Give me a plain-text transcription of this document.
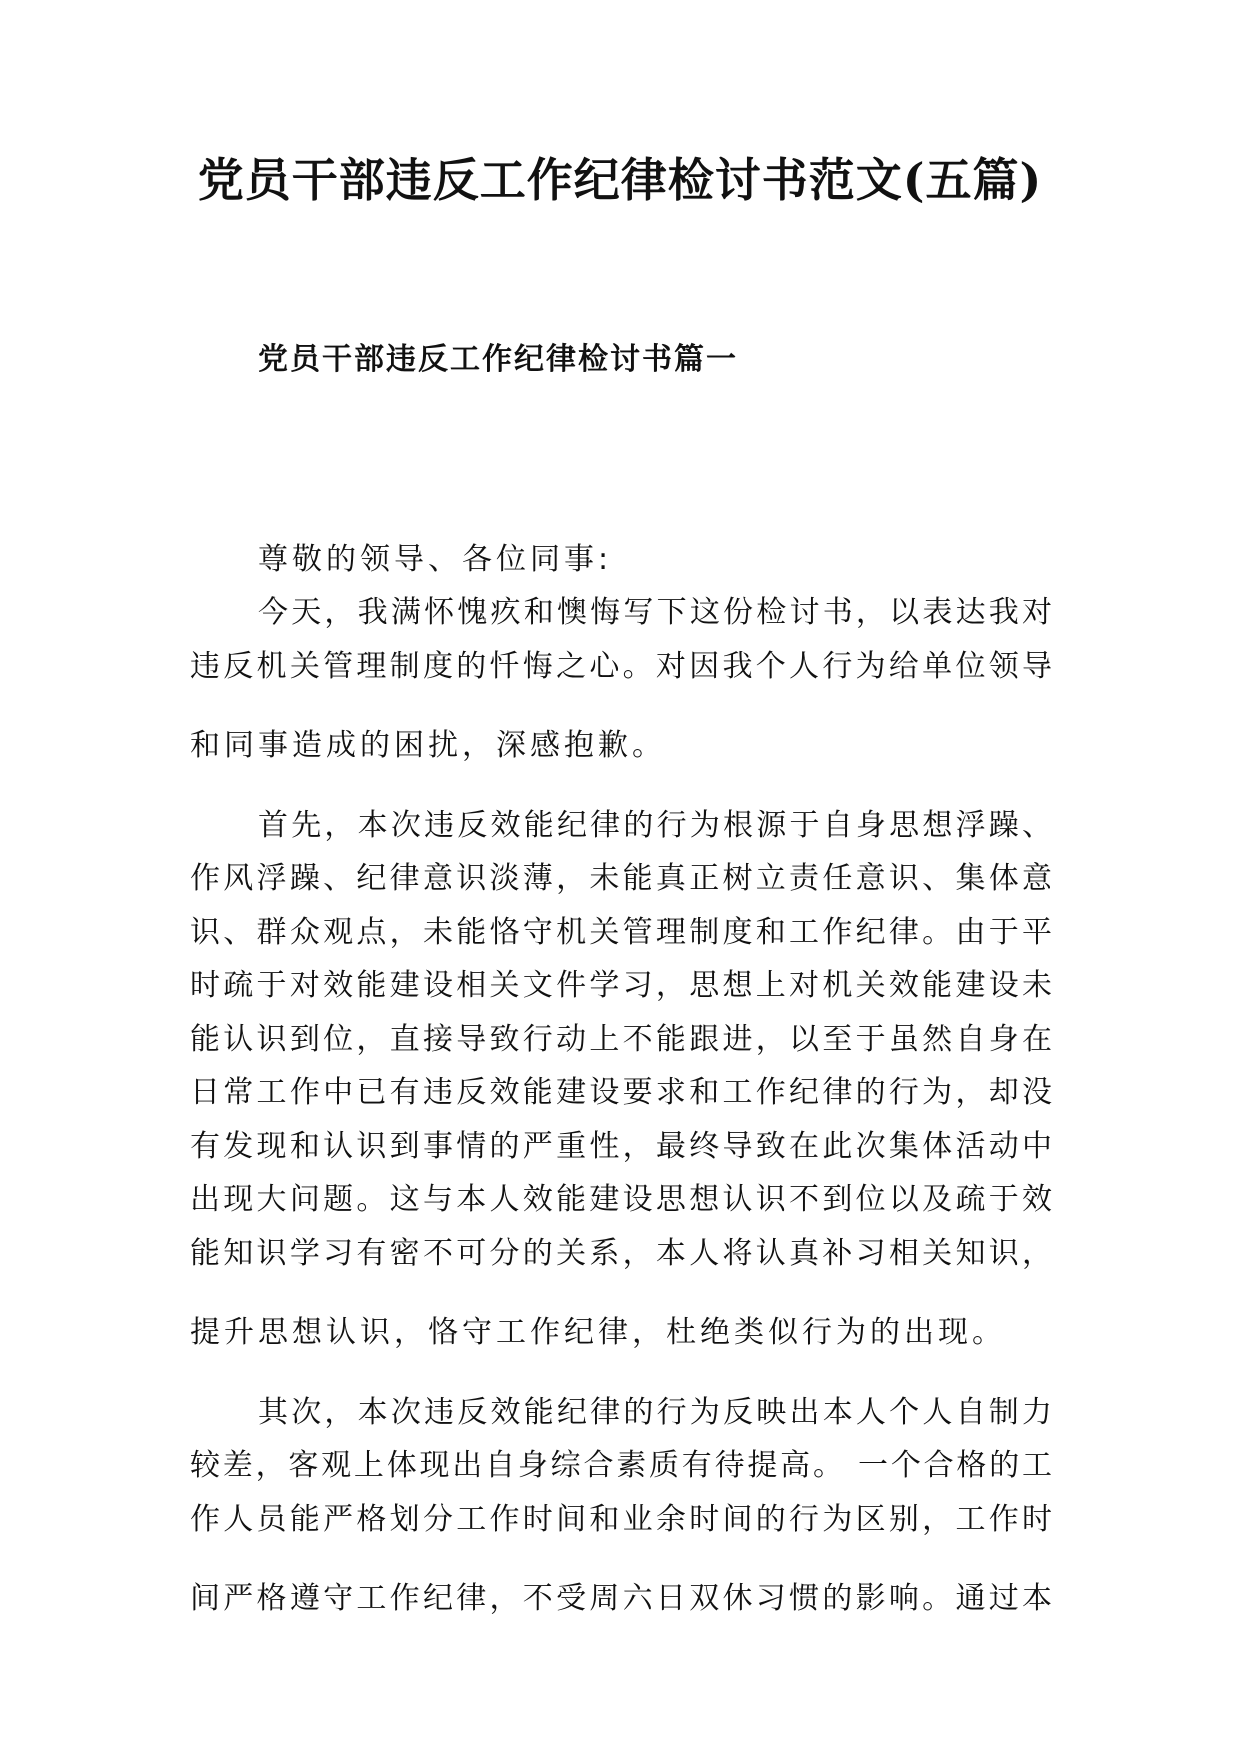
党员干部违反工作纪律检讨书范文(五篇)
党员干部违反工作纪律检讨书篇一

尊敬的领导、各位同事:

今天，我满怀愧疚和懊悔写下这份检讨书，以表达我对

违反机关管理制度的忏悔之心。对因我个人行为给单位领导

和同事造成的困扰，深感抱歉。

首先，本次违反效能纪律的行为根源于自身思想浮躁、

作风浮躁、纪律意识淡薄，未能真正树立责任意识、集体意

识、群众观点，未能恪守机关管理制度和工作纪律。由于平

时疏于对效能建设相关文件学习，思想上对机关效能建设未

能认识到位，直接导致行动上不能跟进，以至于虽然自身在

日常工作中已有违反效能建设要求和工作纪律的行为，却没

有发现和认识到事情的严重性，最终导致在此次集体活动中

出现大问题。这与本人效能建设思想认识不到位以及疏于效

能知识学习有密不可分的关系，本人将认真补习相关知识，

提升思想认识，恪守工作纪律，杜绝类似行为的出现。

其次，本次违反效能纪律的行为反映出本人个人自制力

较差，客观上体现出自身综合素质有待提高。 一个合格的工

作人员能严格划分工作时间和业余时间的行为区别，工作时

间严格遵守工作纪律，不受周六日双休习惯的影响。通过本
